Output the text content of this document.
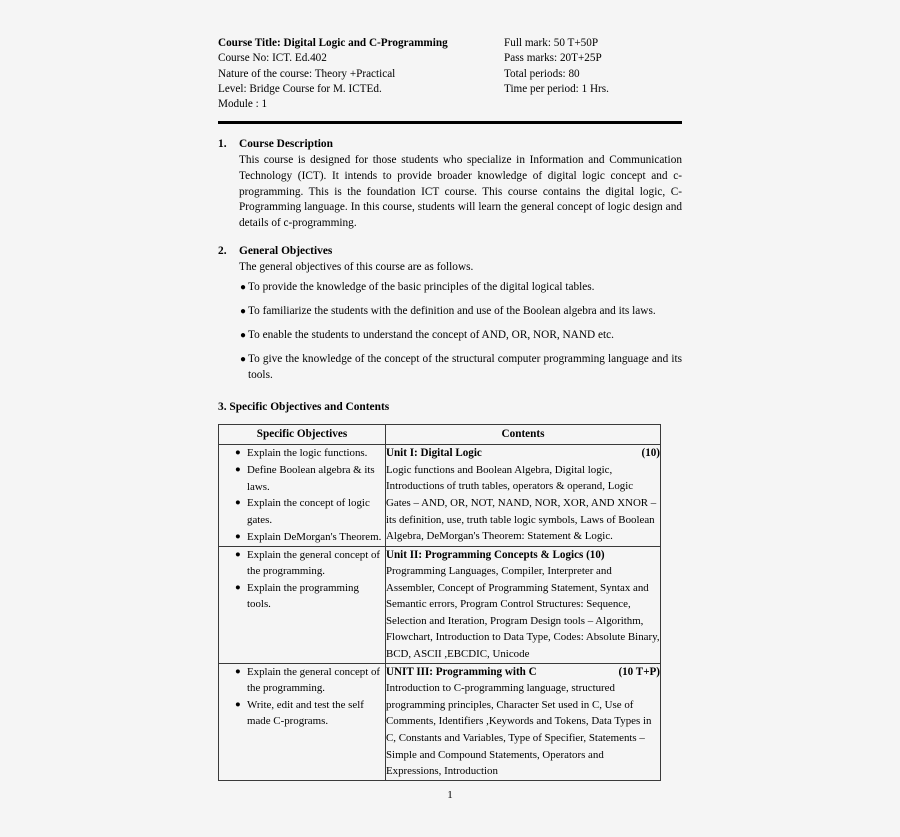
Course Title: Digital Logic and C-Programming
Course No: ICT. Ed.402
Nature of the course: Theory +Practical
Level: Bridge Course for M. ICTEd.
Module : 1
Full mark: 50 T+50P
Pass marks: 20T+25P
Total periods: 80
Time per period: 1 Hrs.
1.	Course Description
This course is designed for those students who specialize in Information and Communication Technology (ICT). It intends to provide broader knowledge of digital logic concept and c-programming. This is the foundation ICT course. This course contains the digital logic, C-Programming language. In this course, students will learn the general concept of logic design and details of c-programming.
2.	General Objectives
The general objectives of this course are as follows.
● To provide the knowledge of the basic principles of the digital logical tables.
● To familiarize the students with the definition and use of the Boolean algebra and its laws.
● To enable the students to understand the concept of AND, OR, NOR, NAND etc.
● To give the knowledge of the concept of the structural computer programming language and its tools.
3. Specific Objectives and Contents
Specific Objectives	Contents

● Explain the logic functions.
● Define Boolean algebra & its laws.
● Explain the concept of logic gates.
● Explain DeMorgan's Theorem.

Unit I: Digital Logic	(10)
Logic functions and Boolean Algebra, Digital logic, Introductions of truth tables, operators & operand, Logic Gates – AND, OR, NOT, NAND, NOR, XOR, AND XNOR – its definition, use, truth table logic symbols, Laws of Boolean Algebra, DeMorgan's Theorem: Statement & Logic.

● Explain the general concept of the programming.
● Explain the programming tools.

Unit II: Programming Concepts & Logics (10)
Programming Languages, Compiler, Interpreter and Assembler, Concept of Programming Statement, Syntax and Semantic errors, Program Control Structures: Sequence, Selection and Iteration, Program Design tools – Algorithm, Flowchart, Introduction to Data Type, Codes: Absolute Binary, BCD, ASCII ,EBCDIC, Unicode

● Explain the general concept of the programming.
● Write, edit and test the self made C-programs.

UNIT III: Programming with C	(10 T+P)
Introduction to C-programming language, structured programming principles, Character Set used in C, Use of Comments, Identifiers ,Keywords and Tokens, Data Types in C, Constants and Variables, Type of Specifier, Statements – Simple and Compound Statements, Operators and Expressions, Introduction
1
